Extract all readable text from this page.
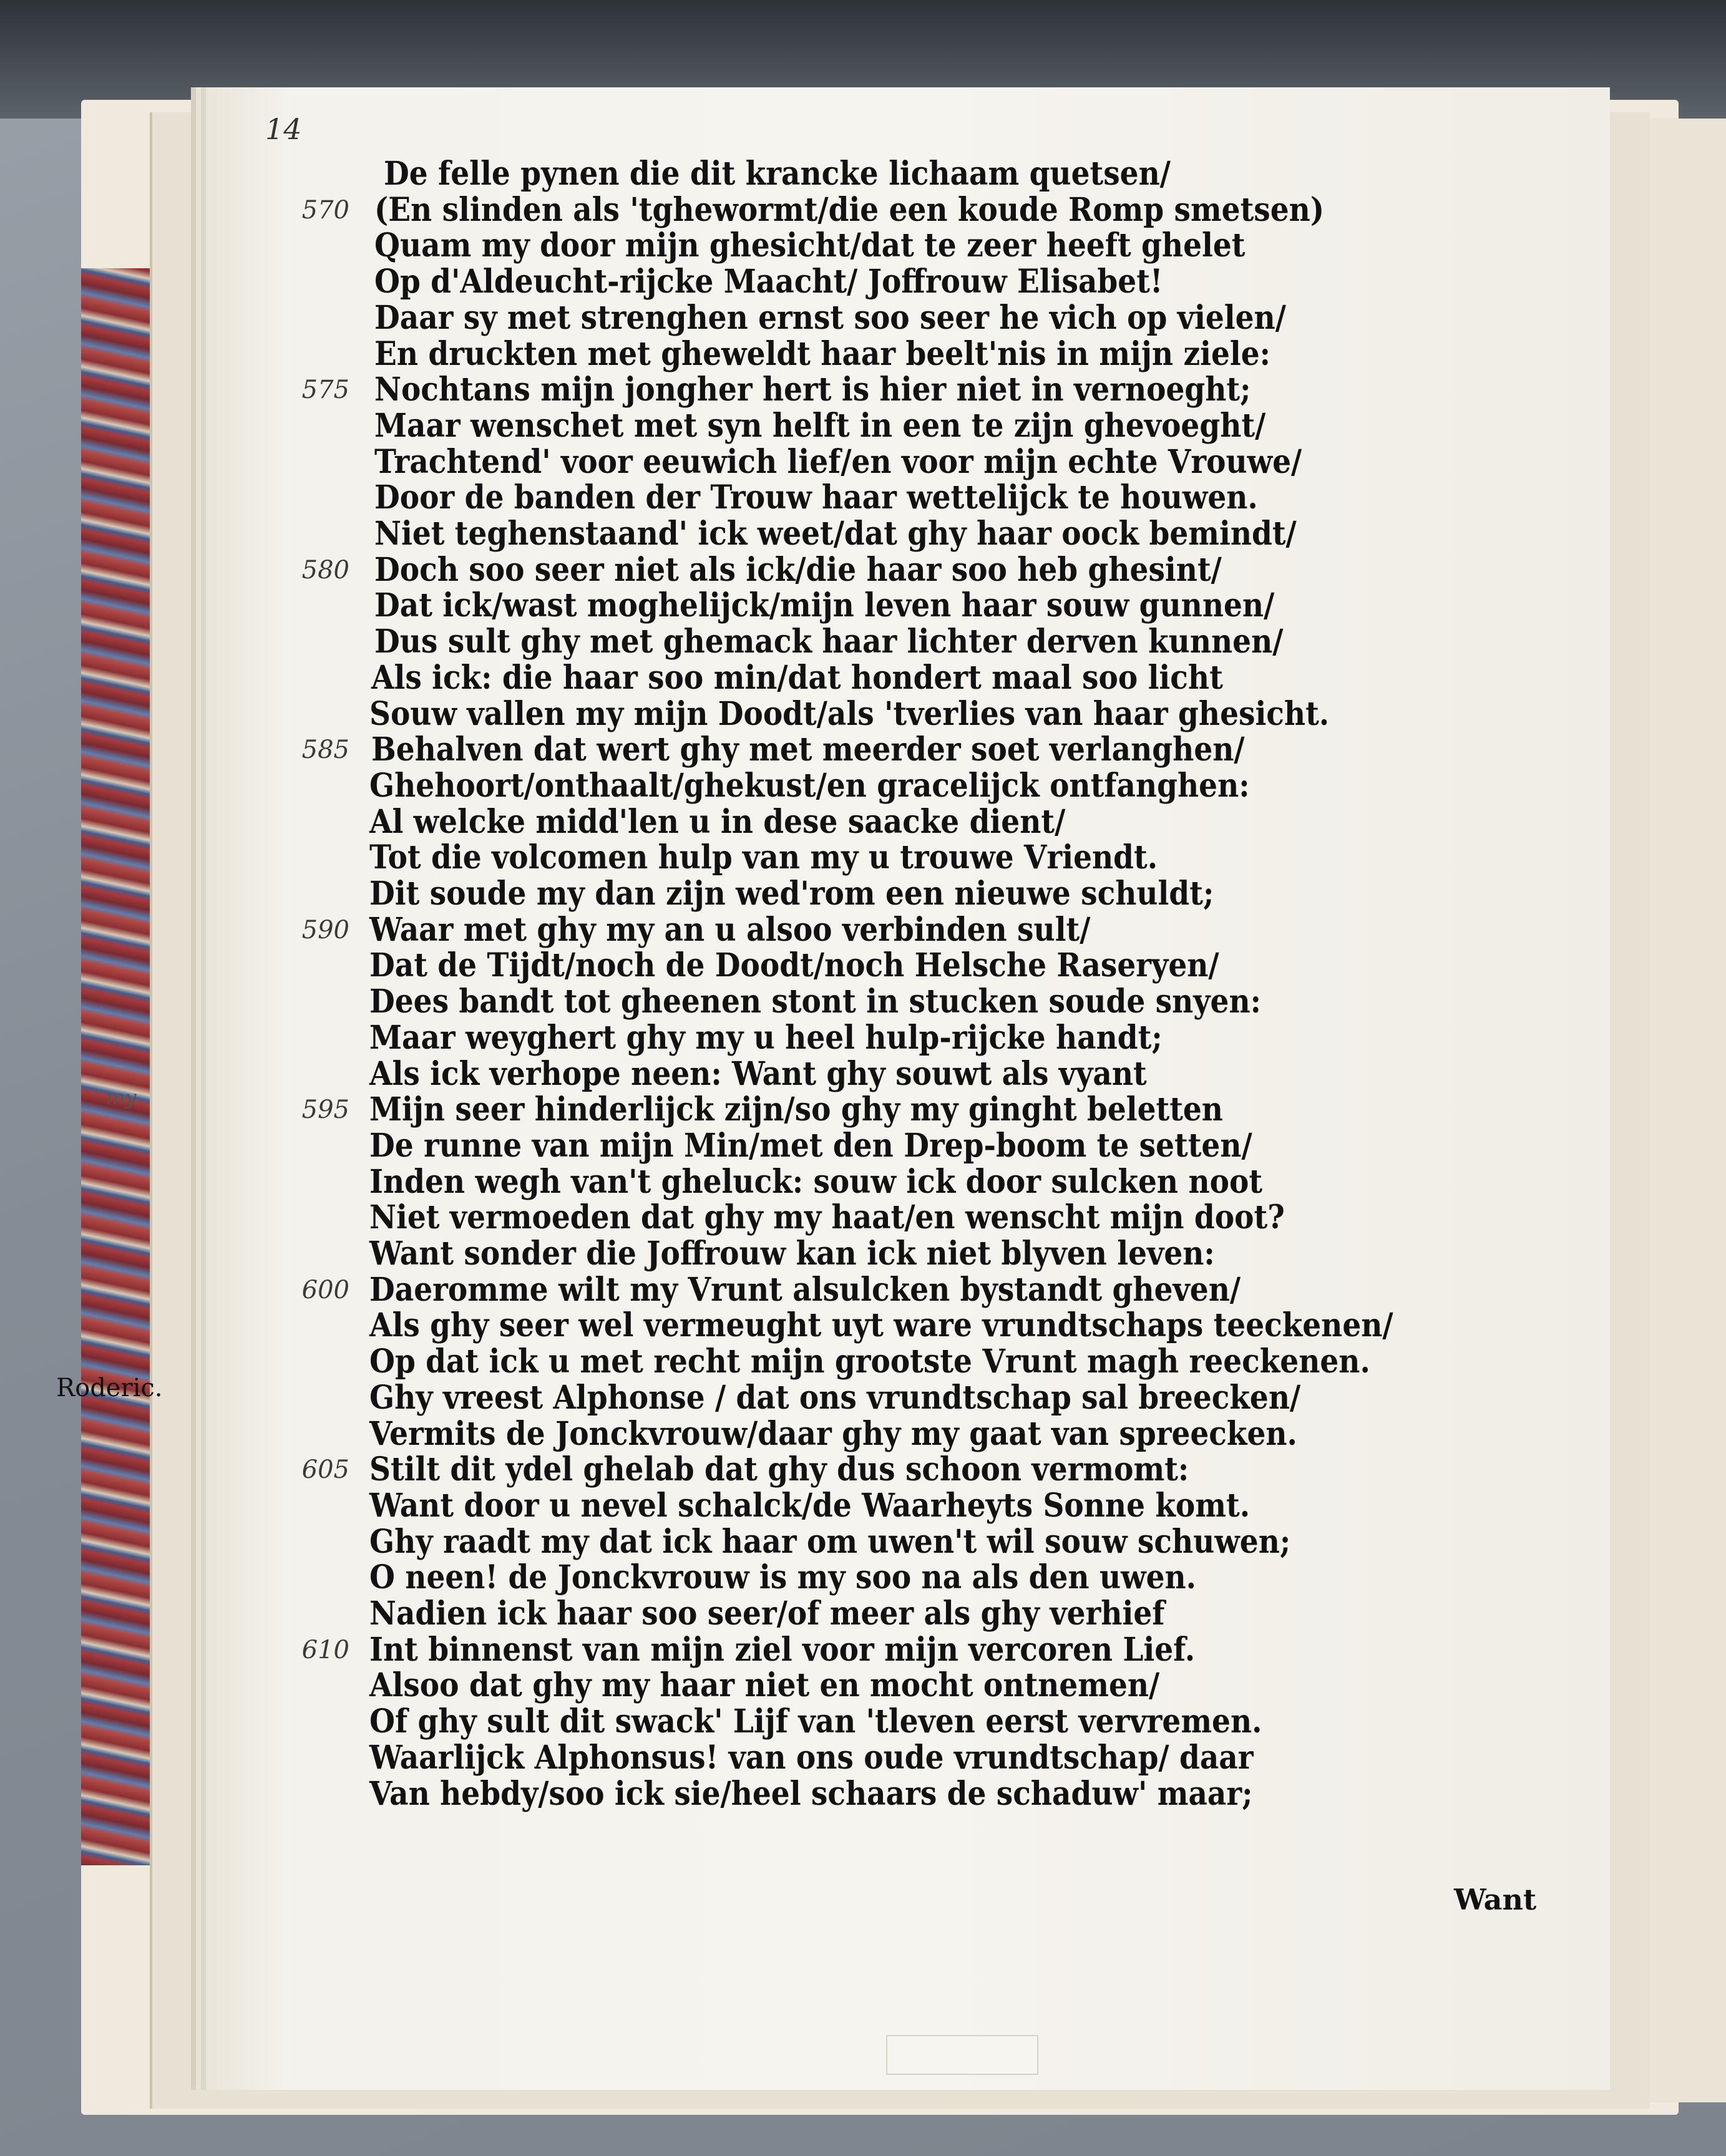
14
De felle pynen die dit krancke lichaam quetsen/
(En slinden als 'tghewormt/die een koude Romp smetsen)
Quam my door mijn ghesicht/dat te zeer heeft ghelet
Op d'Aldeucht-rijcke Maacht/ Joffrouw Elisabet!
Daar sy met strenghen ernst soo seer he vich op vielen/
En druckten met gheweldt haar beelt'nis in mijn ziele:
Nochtans mijn jongher hert is hier niet in vernoeght;
Maar wenschet met syn helft in een te zijn ghevoeght/
Trachtend' voor eeuwich lief/en voor mijn echte Vrouwe/
Door de banden der Trouw haar wettelijck te houwen.
Niet teghenstaand' ick weet/dat ghy haar oock bemindt/
Doch soo seer niet als ick/die haar soo heb ghesint/
Dat ick/wast moghelijck/mijn leven haar souw gunnen/
Dus sult ghy met ghemack haar lichter derven kunnen/
Als ick: die haar soo min/dat hondert maal soo licht
Souw vallen my mijn Doodt/als 'tverlies van haar ghesicht.
Behalven dat wert ghy met meerder soet verlanghen/
Ghehoort/onthaalt/ghekust/en gracelijck ontfanghen:
Al welcke midd'len u in dese saacke dient/
Tot die volcomen hulp van my u trouwe Vriendt.
Dit soude my dan zijn wed'rom een nieuwe schuldt;
Waar met ghy my an u alsoo verbinden sult/
Dat de Tijdt/noch de Doodt/noch Helsche Raseryen/
Dees bandt tot gheenen stont in stucken soude snyen:
Maar weyghert ghy my u heel hulp-rijcke handt;
Als ick verhope neen: Want ghy souwt als vyant
Mijn seer hinderlijck zijn/so ghy my ginght beletten
De runne van mijn Min/met den Drep-boom te setten/
Inden wegh van't gheluck: souw ick door sulcken noot
Niet vermoeden dat ghy my haat/en wenscht mijn doot?
Want sonder die Joffrouw kan ick niet blyven leven:
Daeromme wilt my Vrunt alsulcken bystandt gheven/
Als ghy seer wel vermeught uyt ware vrundtschaps teeckenen/
Op dat ick u met recht mijn grootste Vrunt magh reeckenen.
Ghy vreest Alphonse / dat ons vrundtschap sal breecken/
Vermits de Jonckvrouw/daar ghy my gaat van spreecken.
Stilt dit ydel ghelab dat ghy dus schoon vermomt:
Want door u nevel schalck/de Waarheyts Sonne komt.
Ghy raadt my dat ick haar om uwen't wil souw schuwen;
O neen! de Jonckvrouw is my soo na als den uwen.
Nadien ick haar soo seer/of meer als ghy verhief
Int binnenst van mijn ziel voor mijn vercoren Lief.
Alsoo dat ghy my haar niet en mocht ontnemen/
Of ghy sult dit swack' Lijf van 'tleven eerst vervremen.
Waarlijck Alphonsus! van ons oude vrundtschap/ daar
Van hebdy/soo ick sie/heel schaars de schaduw' maar;
570
575
580
585
590
595
600
605
610
Roderic.
my
Want
